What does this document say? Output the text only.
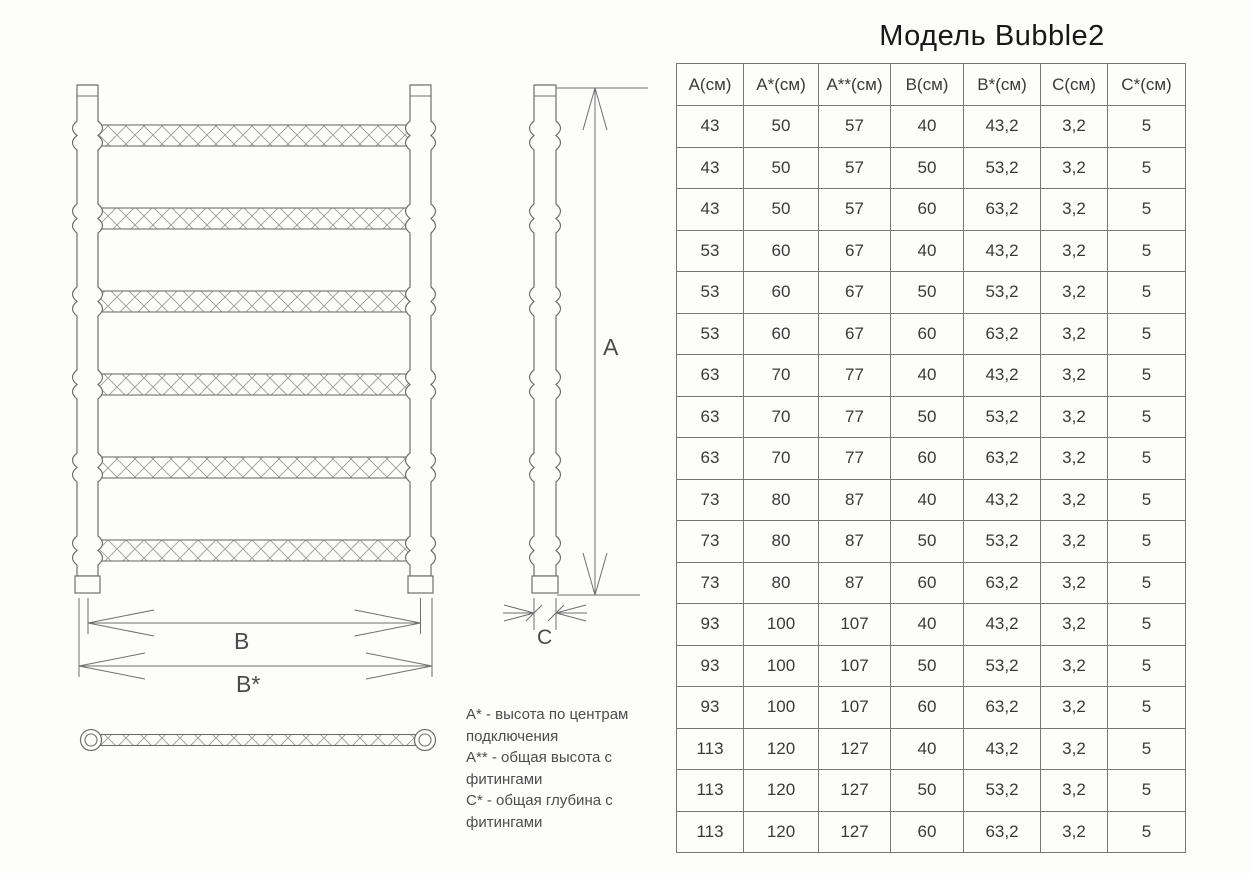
В
В*
А
С
Модель Bubble2
А(см)	А*(см)	А**(см)	В(см)	В*(см)	С(см)	С*(см)
43	50	57	40	43,2	3,2	5
43	50	57	50	53,2	3,2	5
43	50	57	60	63,2	3,2	5
53	60	67	40	43,2	3,2	5
53	60	67	50	53,2	3,2	5
53	60	67	60	63,2	3,2	5
63	70	77	40	43,2	3,2	5
63	70	77	50	53,2	3,2	5
63	70	77	60	63,2	3,2	5
73	80	87	40	43,2	3,2	5
73	80	87	50	53,2	3,2	5
73	80	87	60	63,2	3,2	5
93	100	107	40	43,2	3,2	5
93	100	107	50	53,2	3,2	5
93	100	107	60	63,2	3,2	5
113	120	127	40	43,2	3,2	5
113	120	127	50	53,2	3,2	5
113	120	127	60	63,2	3,2	5

А* - высота по центрам подключения

А** - общая высота с фитингами

С* - общая глубина с фитингами
